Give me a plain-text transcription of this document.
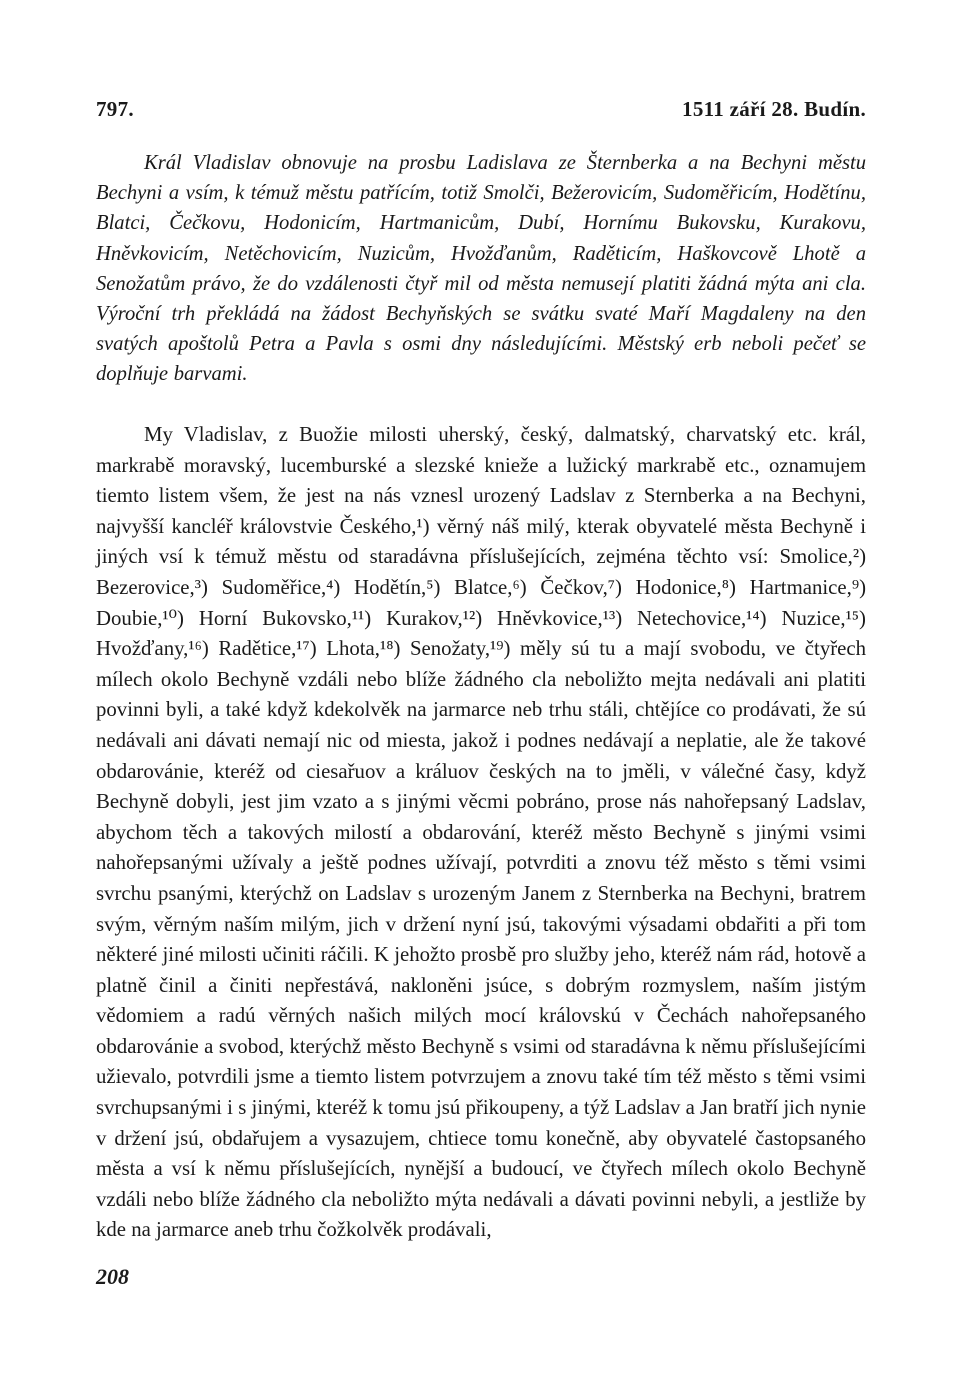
797.	1511 září 28. Budín.

Král Vladislav obnovuje na prosbu Ladislava ze Šternberka a na Bechyni městu Bechyni a vsím, k témuž městu patřícím, totiž Smolči, Bežerovicím, Sudoměřicím, Hodětínu, Blatci, Čečkovu, Hodonicím, Hartmanicům, Dubí, Hornímu Bukovsku, Kurakovu, Hněvkovicím, Netěchovicím, Nuzicům, Hvožďanům, Raděticím, Haškovcově Lhotě a Senožatům právo, že do vzdálenosti čtyř mil od města nemusejí platiti žádná mýta ani cla. Výroční trh překládá na žádost Bechyňských se svátku svaté Maří Magdaleny na den svatých apoštolů Petra a Pavla s osmi dny následujícími. Městský erb neboli pečeť se doplňuje barvami.

My Vladislav, z Buožie milosti uherský, český, dalmatský, charvatský etc. král, markrabě moravský, lucemburské a slezské knieže a lužický markrabě etc., oznamujem tiemto listem všem, že jest na nás vznesl urozený Ladslav z Sternberka a na Bechyni, najvyšší kancléř královstvie Českého,¹) věrný náš milý, kterak obyvatelé města Bechyně i jiných vsí k témuž městu od staradávna příslušejících, zejména těchto vsí: Smolice,²) Bezerovice,³) Sudoměřice,⁴) Hodětín,⁵) Blatce,⁶) Čečkov,⁷) Hodonice,⁸) Hartmanice,⁹) Doubie,¹⁰) Horní Bukovsko,¹¹) Kurakov,¹²) Hněvkovice,¹³) Netechovice,¹⁴) Nuzice,¹⁵) Hvožďany,¹⁶) Radětice,¹⁷) Lhota,¹⁸) Senožaty,¹⁹) měly sú tu a mají svobodu, ve čtyřech mílech okolo Bechyně vzdáli nebo blíže žádného cla neboližto mejta nedávali ani platiti povinni byli, a také když kdekolvěk na jarmarce neb trhu stáli, chtějíce co prodávati, že sú nedávali ani dávati nemají nic od miesta, jakož i podnes nedávají a neplatie, ale že takové obdarovánie, kteréž od ciesařuov a králuov českých na to jměli, v válečné časy, když Bechyně dobyli, jest jim vzato a s jinými věcmi pobráno, prose nás nahořepsaný Ladslav, abychom těch a takových milostí a obdarování, kteréž město Bechyně s jinými vsimi nahořepsanými užívaly a ještě podnes užívají, potvrditi a znovu též město s těmi vsimi svrchu psanými, kterýchž on Ladslav s urozeným Janem z Sternberka na Bechyni, bratrem svým, věrným naším milým, jich v držení nyní jsú, takovými výsadami obdařiti a při tom některé jiné milosti učiniti ráčili. K jehožto prosbě pro služby jeho, kteréž nám rád, hotově a platně činil a činiti nepřestává, nakloněni jsúce, s dobrým rozmyslem, naším jistým vědomiem a radú věrných našich milých mocí královskú v Čechách nahořepsaného obdarovánie a svobod, kterýchž město Bechyně s vsimi od staradávna k němu příslušejícími užievalo, potvrdili jsme a tiemto listem potvrzujem a znovu také tím též město s těmi vsimi svrchupsanými i s jinými, kteréž k tomu jsú přikoupeny, a týž Ladslav a Jan bratří jich nynie v držení jsú, obdařujem a vysazujem, chtiece tomu konečně, aby obyvatelé častopsaného města a vsí k němu příslušejících, nynější a budoucí, ve čtyřech mílech okolo Bechyně vzdáli nebo blíže žádného cla neboližto mýta nedávali a dávati povinni nebyli, a jestliže by kde na jarmarce aneb trhu čožkolvěk prodávali,

208
